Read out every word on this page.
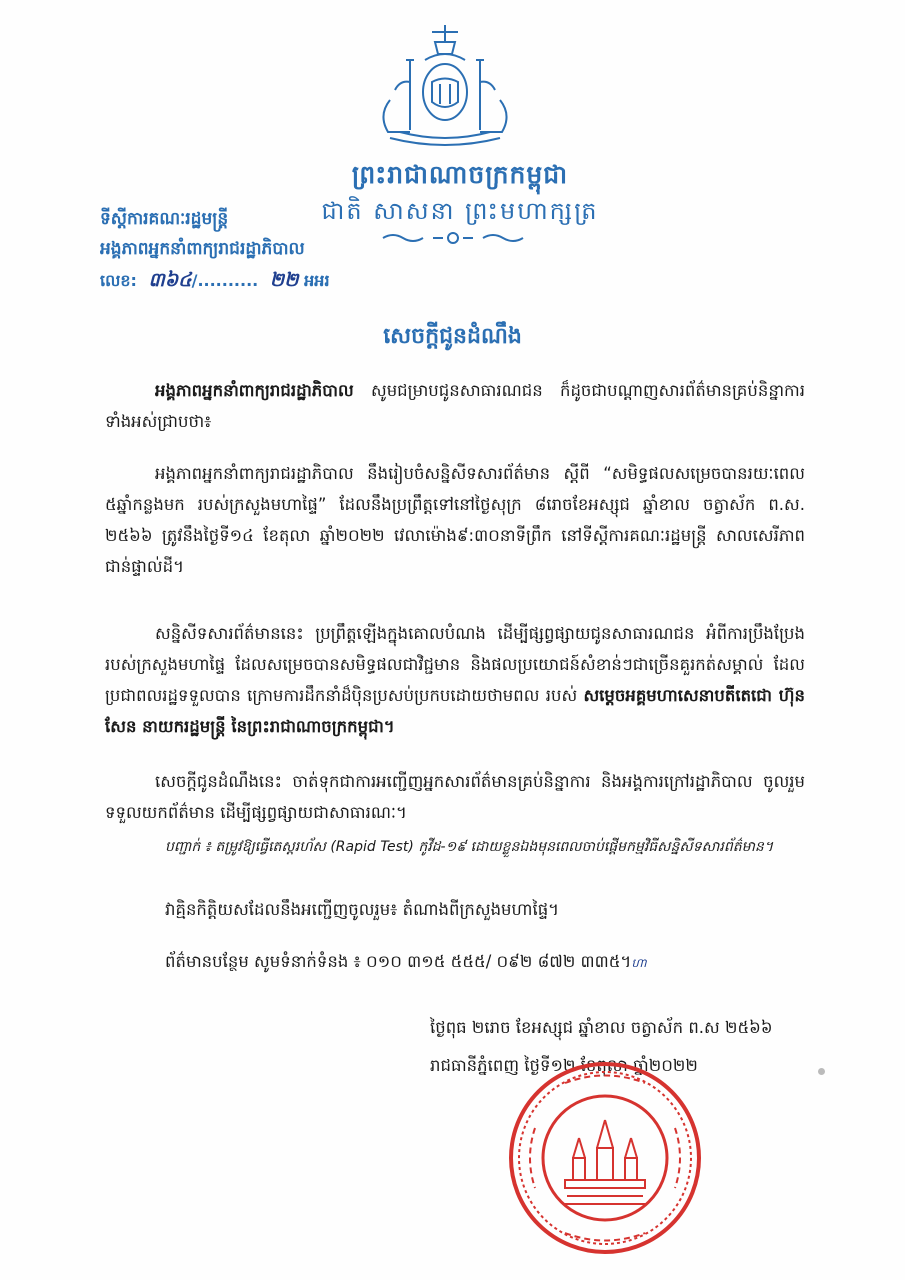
ព្រះរាជាណាចក្រកម្ពុជា
ជាតិ សាសនា ព្រះមហាក្សត្រ
ទីស្តីការគណៈរដ្ឋមន្ត្រី
អង្គភាពអ្នកនាំពាក្យរាជរដ្ឋាភិបាល
លេខ: ៣៦៤/.......... ២២ អអរ
សេចក្តីជូនដំណឹង
អង្គភាពអ្នកនាំពាក្យរាជរដ្ឋាភិបាល សូមជម្រាបជូនសាធារណជន ក៏ដូចជាបណ្តាញសារព័ត៌មានគ្រប់និន្នាការទាំងអស់ជ្រាបថា៖
អង្គភាពអ្នកនាំពាក្យរាជរដ្ឋាភិបាល នឹងរៀបចំសន្និសីទសារព័ត៌មាន ស្តីពី “សមិទ្ធផលសម្រេចបានរយៈពេល ៥ឆ្នាំកន្លងមក របស់ក្រសួងមហាផ្ទៃ” ដែលនឹងប្រព្រឹត្តទៅនៅថ្ងៃសុក្រ ៨រោចខែអស្សុជ ឆ្នាំខាល ចត្វាស័ក ព.ស. ២៥៦៦ ត្រូវនឹងថ្ងៃទី១៤ ខែតុលា ឆ្នាំ២០២២ វេលាម៉ោង៩:៣០នាទីព្រឹក នៅទីស្តីការគណៈរដ្ឋមន្ត្រី សាលសេរីភាព ជាន់ផ្ទាល់ដី។
សន្និសីទសារព័ត៌មាននេះ ប្រព្រឹត្តឡើងក្នុងគោលបំណង ដើម្បីផ្សព្វផ្សាយជូនសាធារណជន អំពីការប្រឹងប្រែងរបស់ក្រសួងមហាផ្ទៃ ដែលសម្រេចបានសមិទ្ធផលជាវិជ្ជមាន និងផលប្រយោជន៍សំខាន់ៗជាច្រើនគួរកត់សម្គាល់ ដែលប្រជាពលរដ្ឋទទួលបាន ក្រោមការដឹកនាំដ៏ប៉ិនប្រសប់ប្រកបដោយថាមពល របស់ សម្តេចអគ្គមហាសេនាបតីតេជោ ហ៊ុន សែន នាយករដ្ឋមន្ត្រី នៃព្រះរាជាណាចក្រកម្ពុជា។
សេចក្តីជូនដំណឹងនេះ ចាត់ទុកជាការអញ្ជើញអ្នកសារព័ត៌មានគ្រប់និន្នាការ និងអង្គការក្រៅរដ្ឋាភិបាល ចូលរួមទទួលយកព័ត៌មាន ដើម្បីផ្សព្វផ្សាយជាសាធារណៈ។
បញ្ជាក់ ៖ តម្រូវឱ្យធ្វើតេស្តរហ័ស (Rapid Test) កូវីដ-១៩ ដោយខ្លួនឯងមុនពេលចាប់ផ្តើមកម្មវិធីសន្និសីទសារព័ត៌មាន។
វាគ្មិនកិត្តិយសដែលនឹងអញ្ជើញចូលរួម៖ តំណាងពីក្រសួងមហាផ្ទៃ។
ព័ត៌មានបន្ថែម សូមទំនាក់ទំនង ៖ ០១០ ៣១៥ ៥៥៥/ ០៩២ ៨៧២ ៣៣៥។ហា
ថ្ងៃពុធ ២រោច ខែអស្សុជ ឆ្នាំខាល ចត្វាស័ក ព.ស ២៥៦៦
រាជធានីភ្នំពេញ ថ្ងៃទី១២ ខែតុលា ឆ្នាំ២០២២
